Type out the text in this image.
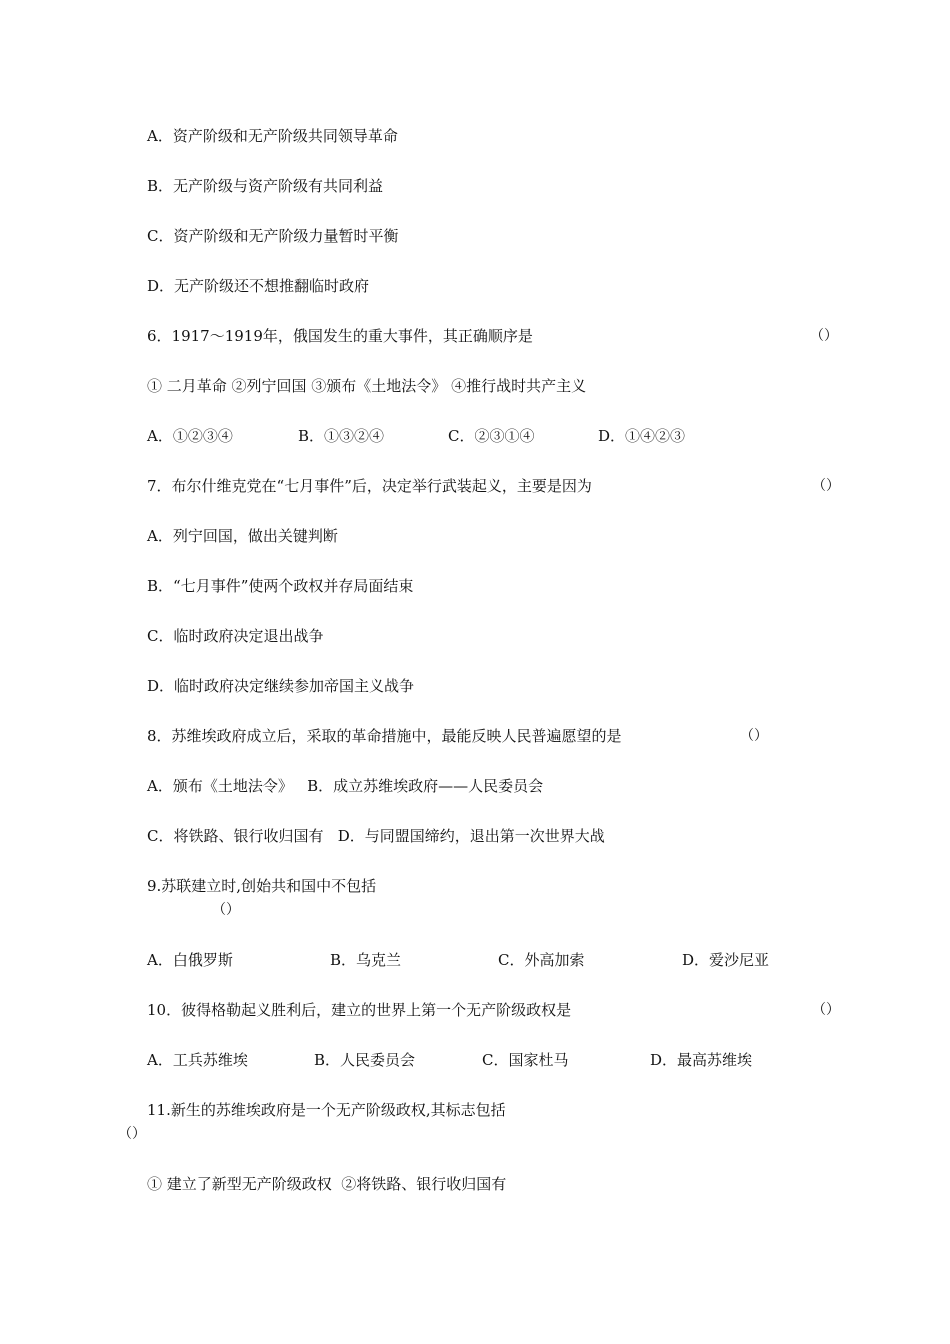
A．资产阶级和无产阶级共同领导革命
B．无产阶级与资产阶级有共同利益
C．资产阶级和无产阶级力量暂时平衡
D．无产阶级还不想推翻临时政府
6．1917～1919年，俄国发生的重大事件，其正确顺序是	（）
① 二月革命 ②列宁回国 ③颁布《土地法令》 ④推行战时共产主义
A．①②③④	B．①③②④	C．②③①④	D．①④②③
7．布尔什维克党在“七月事件”后，决定举行武装起义，主要是因为	（）
A．列宁回国，做出关键判断
B．“七月事件”使两个政权并存局面结束
C．临时政府决定退出战争
D．临时政府决定继续参加帝国主义战争
8．苏维埃政府成立后，采取的革命措施中，最能反映人民普遍愿望的是	（）
A．颁布《土地法令》   B．成立苏维埃政府——人民委员会
C．将铁路、银行收归国有   D．与同盟国缔约，退出第一次世界大战
9.苏联建立时,创始共和国中不包括
（）
A．白俄罗斯	B．乌克兰	C．外高加索	D．爱沙尼亚
10．彼得格勒起义胜利后，建立的世界上第一个无产阶级政权是	（）
A．工兵苏维埃	B．人民委员会	C．国家杜马	D．最高苏维埃
11.新生的苏维埃政府是一个无产阶级政权,其标志包括
（）
① 建立了新型无产阶级政权  ②将铁路、银行收归国有
